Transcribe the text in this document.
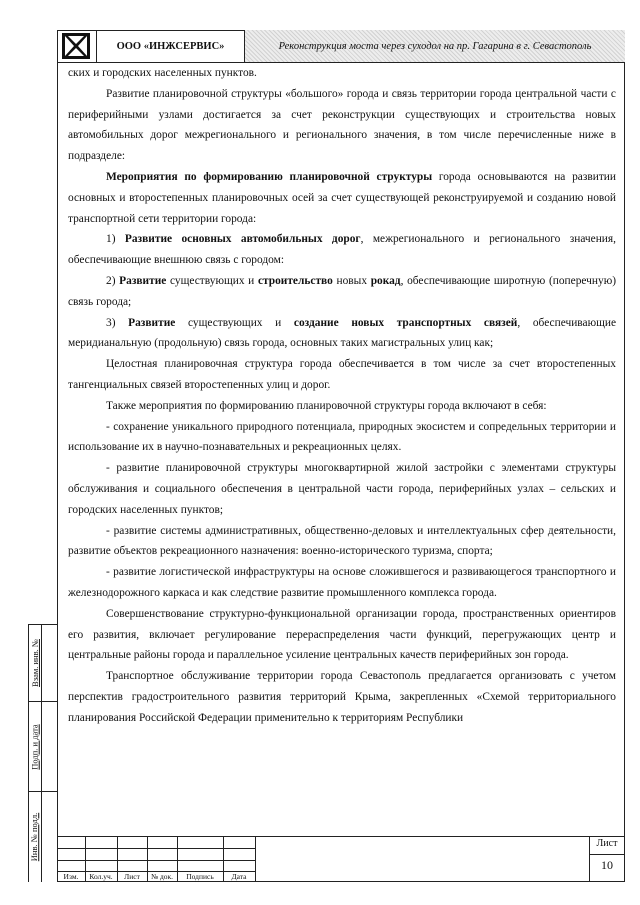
ООО «ИНЖСЕРВИС»	Реконструкция моста через суходол на пр. Гагарина в г. Севастополь

ских и городских населенных пунктов.

Развитие планировочной структуры «большого» города и связь территории города центральной части с периферийными узлами достигается за счет реконструкции существующих и строительства новых автомобильных дорог межрегионального и регионального значения, в том числе перечисленные ниже в подразделе:

Мероприятия по формированию планировочной структуры города основываются на развитии основных и второстепенных планировочных осей за счет существующей реконструируемой и созданию новой транспортной сети территории города:

1) Развитие основных автомобильных дорог, межрегионального и регионального значения, обеспечивающие внешнюю связь с городом:

2) Развитие существующих и строительство новых рокад, обеспечивающие широтную (поперечную) связь города;

3) Развитие существующих и создание новых транспортных связей, обеспечивающие меридианальную (продольную) связь города, основных таких магистральных улиц как;

Целостная планировочная структура города обеспечивается в том числе за счет второстепенных тангенциальных связей второстепенных улиц и дорог.

Также мероприятия по формированию планировочной структуры города включают в себя:

- сохранение уникального природного потенциала, природных экосистем и сопредельных территории и использование их в научно-познавательных и рекреационных целях.

- развитие планировочной структуры многоквартирной жилой застройки с элементами структуры обслуживания и социального обеспечения в центральной части города, периферийных узлах – сельских и городских населенных пунктов;

- развитие системы административных, общественно-деловых и интеллектуальных сфер деятельности, развитие объектов рекреационного назначения: военно-исторического туризма, спорта;

- развитие логистической инфраструктуры на основе сложившегося и развивающегося транспортного и железнодорожного каркаса и как следствие развитие промышленного комплекса города.

Совершенствование структурно-функциональной организации города, пространственных ориентиров его развития, включает регулирование перераспределения части функций, перегружающих центр и центральные районы города и параллельное усиление центральных качеств периферийных зон города.

Транспортное обслуживание территории города Севастополь предлагается организовать с учетом перспектив градостроительного развития территорий Крыма, закрепленных «Схемой территориального планирования Российской Федерации применительно к территориям Республики

Взам. инв. №
Подп. и дата
Инв. № подл.
Изм.	Кол.уч.	Лист	№ док.	Подпись	Дата
Лист
10
